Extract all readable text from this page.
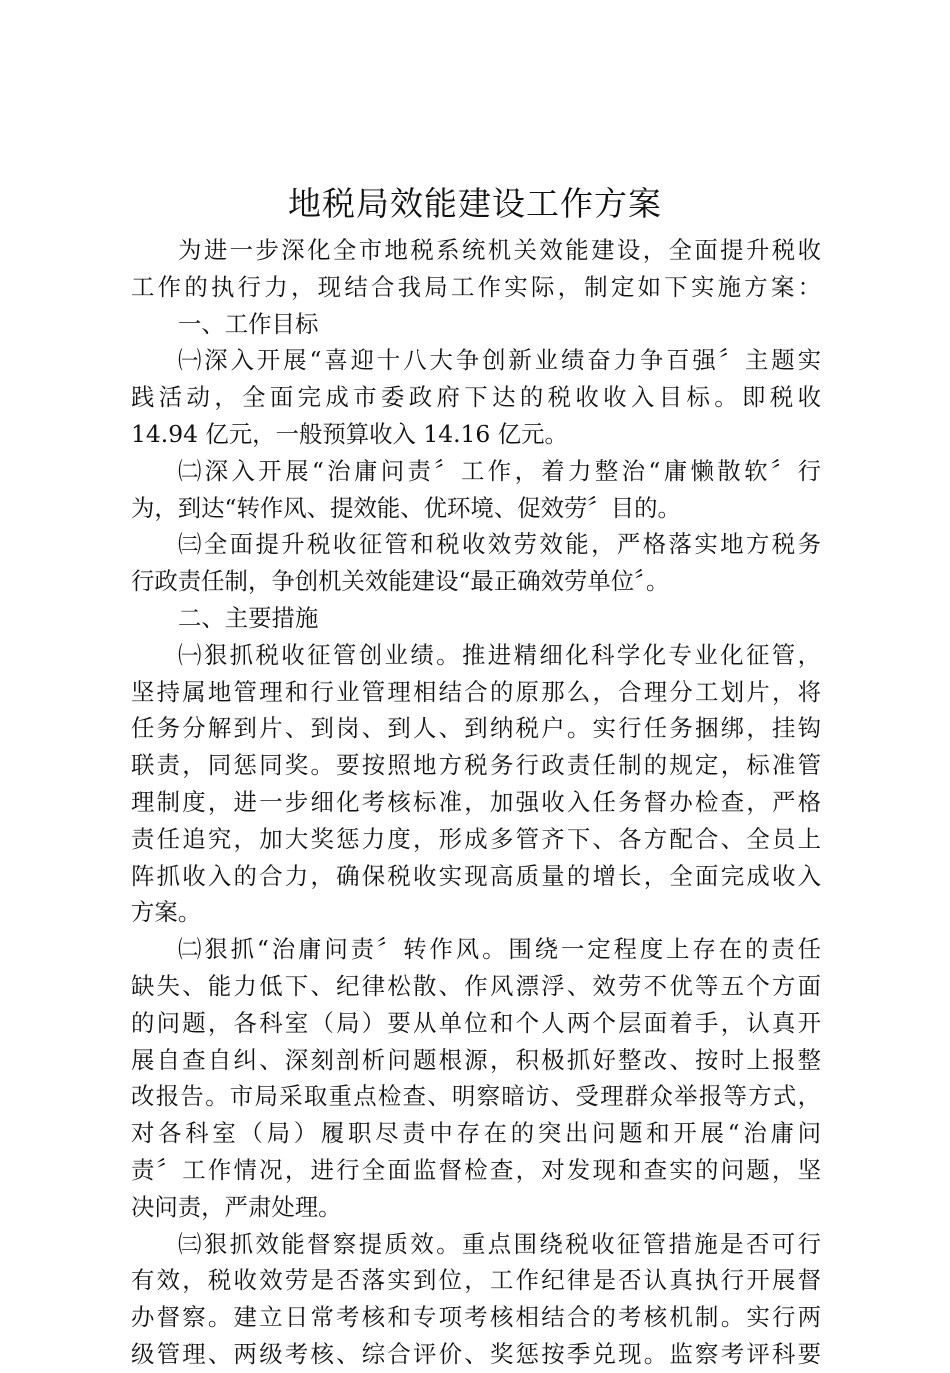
地税局效能建设工作方案
为进一步深化全市地税系统机关效能建设，全面提升税收
工作的执行力，现结合我局工作实际，制定如下实施方案：
一、工作目标
㈠深入开展“喜迎十八大争创新业绩奋力争百强〞主题实
践活动，全面完成市委政府下达的税收收入目标。即税收
14.94 亿元，一般预算收入 14.16 亿元。
㈡深入开展“治庸问责〞工作，着力整治“庸懒散软〞行
为，到达“转作风、提效能、优环境、促效劳〞目的。
㈢全面提升税收征管和税收效劳效能，严格落实地方税务
行政责任制，争创机关效能建设“最正确效劳单位〞。
二、主要措施
㈠狠抓税收征管创业绩。推进精细化科学化专业化征管，
坚持属地管理和行业管理相结合的原那么，合理分工划片，将
任务分解到片、到岗、到人、到纳税户。实行任务捆绑，挂钩
联责，同惩同奖。要按照地方税务行政责任制的规定，标准管
理制度，进一步细化考核标准，加强收入任务督办检查，严格
责任追究，加大奖惩力度，形成多管齐下、各方配合、全员上
阵抓收入的合力，确保税收实现高质量的增长，全面完成收入
方案。
㈡狠抓“治庸问责〞转作风。围绕一定程度上存在的责任
缺失、能力低下、纪律松散、作风漂浮、效劳不优等五个方面
的问题，各科室（局）要从单位和个人两个层面着手，认真开
展自查自纠、深刻剖析问题根源，积极抓好整改、按时上报整
改报告。市局采取重点检查、明察暗访、受理群众举报等方式，
对各科室（局）履职尽责中存在的突出问题和开展“治庸问
责〞工作情况，进行全面监督检查，对发现和查实的问题，坚
决问责，严肃处理。
㈢狠抓效能督察提质效。重点围绕税收征管措施是否可行
有效，税收效劳是否落实到位，工作纪律是否认真执行开展督
办督察。建立日常考核和专项考核相结合的考核机制。实行两
级管理、两级考核、综合评价、奖惩按季兑现。监察考评科要
